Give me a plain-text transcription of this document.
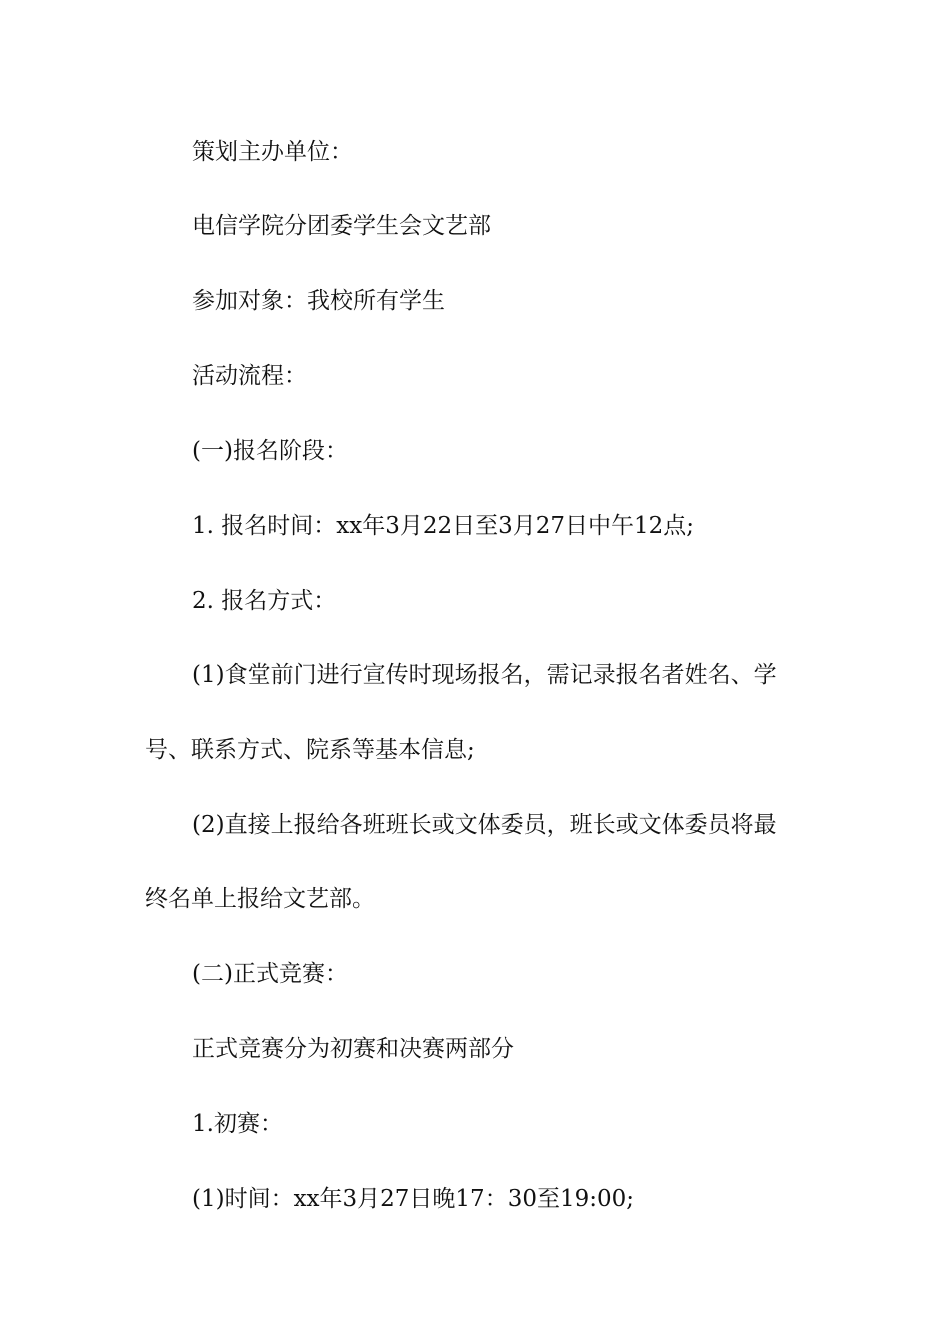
策划主办单位：

电信学院分团委学生会文艺部

参加对象：我校所有学生

活动流程：

(一)报名阶段：

1. 报名时间：xx年3月22日至3月27日中午12点;

2. 报名方式：

(1)食堂前门进行宣传时现场报名，需记录报名者姓名、学

号、联系方式、院系等基本信息;

(2)直接上报给各班班长或文体委员，班长或文体委员将最

终名单上报给文艺部。

(二)正式竞赛：

正式竞赛分为初赛和决赛两部分

1.初赛：

(1)时间：xx年3月27日晚17：30至19:00;
